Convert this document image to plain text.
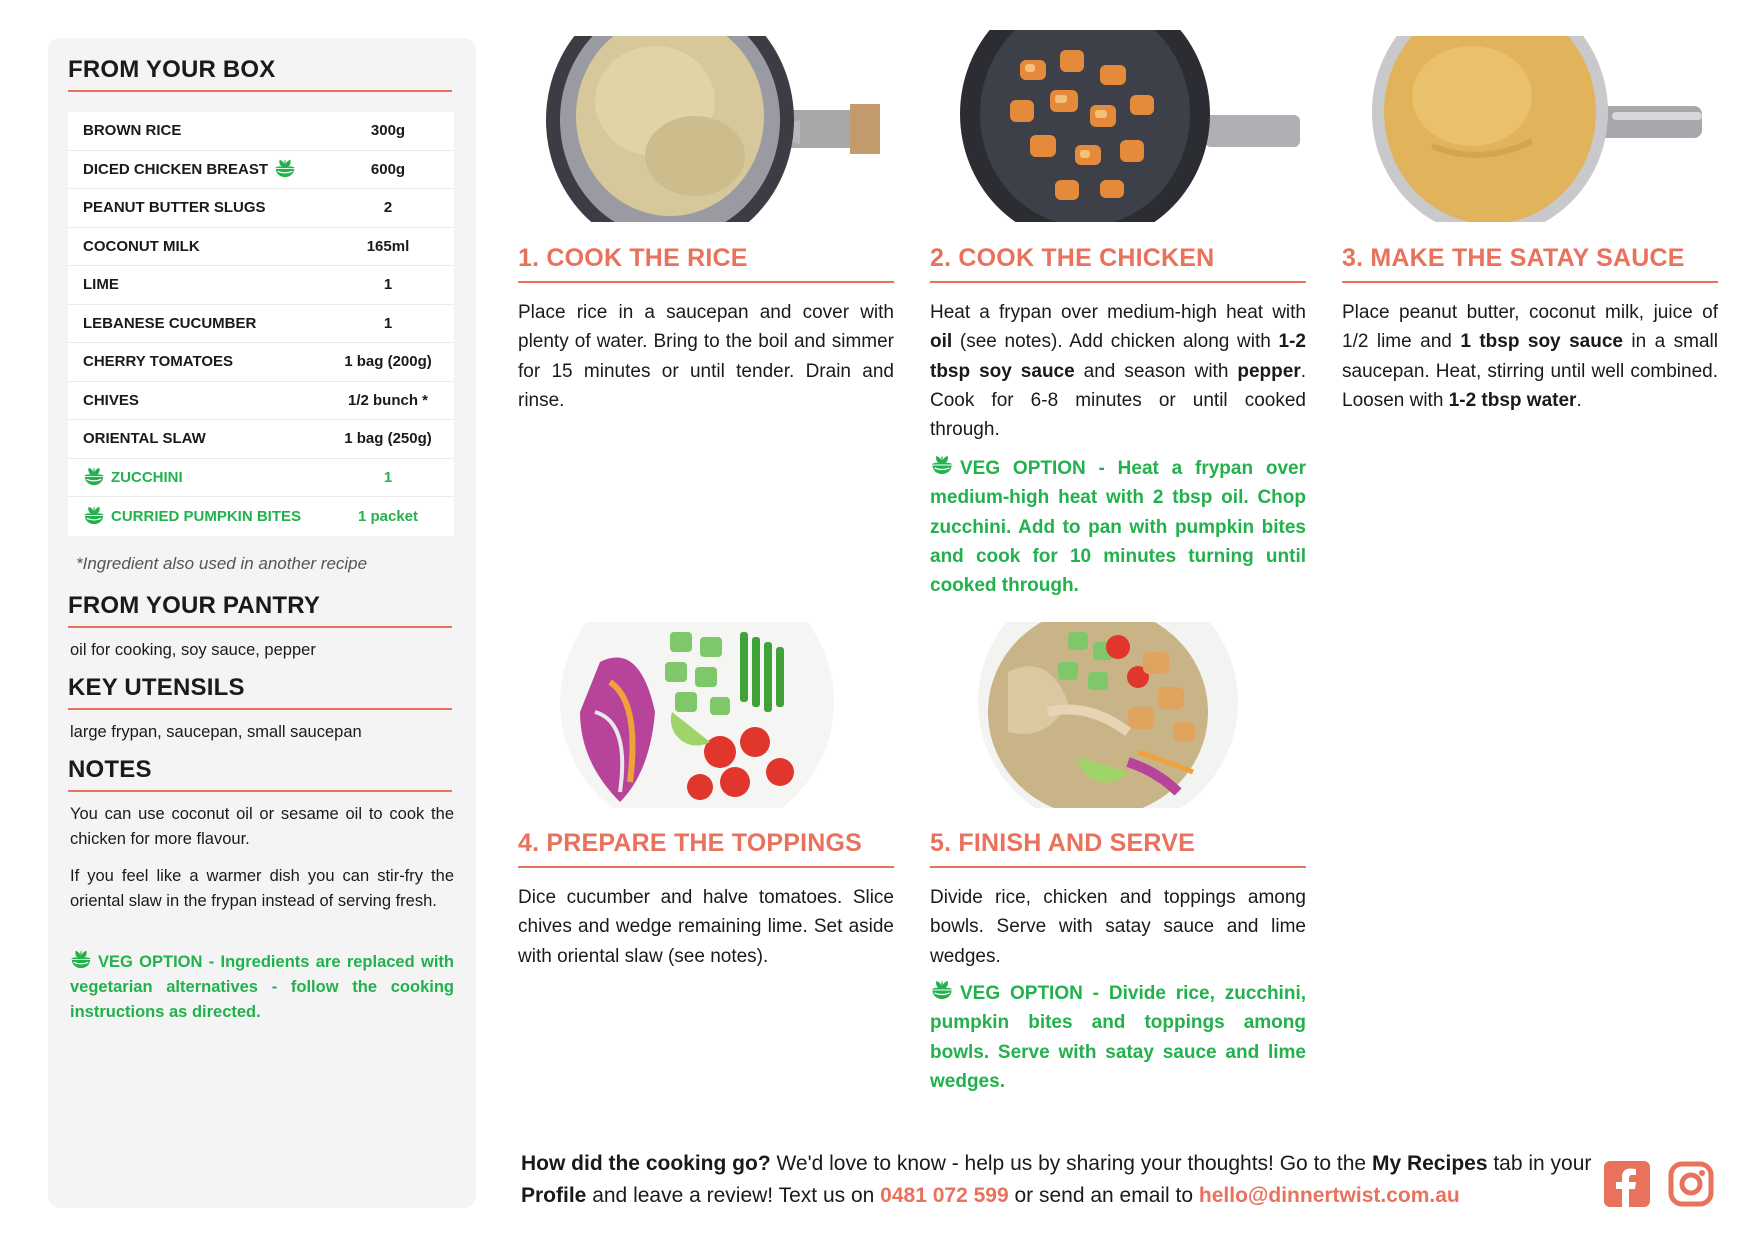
FROM YOUR BOX
BROWN RICE	300g
DICED CHICKEN BREAST	600g
PEANUT BUTTER SLUGS	2
COCONUT MILK	165ml
LIME	1
LEBANESE CUCUMBER	1
CHERRY TOMATOES	1 bag (200g)
CHIVES	1/2 bunch *
ORIENTAL SLAW	1 bag (250g)
ZUCCHINI	1
CURRIED PUMPKIN BITES	1 packet
*Ingredient also used in another recipe
FROM YOUR PANTRY
oil for cooking, soy sauce, pepper
KEY UTENSILS
large frypan, saucepan, small saucepan
NOTES
You can use coconut oil or sesame oil to cook the chicken for more flavour.
If you feel like a warmer dish you can stir-fry the oriental slaw in the frypan instead of serving fresh.
VEG OPTION - Ingredients are replaced with vegetarian alternatives - follow the cooking instructions as directed.
1. COOK THE RICE
Place rice in a saucepan and cover with plenty of water. Bring to the boil and simmer for 15 minutes or until tender. Drain and rinse.
2. COOK THE CHICKEN
Heat a frypan over medium-high heat with oil (see notes). Add chicken along with 1-2 tbsp soy sauce and season with pepper. Cook for 6-8 minutes or until cooked through.
VEG OPTION - Heat a frypan over medium-high heat with 2 tbsp oil. Chop zucchini. Add to pan with pumpkin bites and cook for 10 minutes turning until cooked through.
3. MAKE THE SATAY SAUCE
Place peanut butter, coconut milk, juice of 1/2 lime and 1 tbsp soy sauce in a small saucepan. Heat, stirring until well combined. Loosen with 1-2 tbsp water.
4. PREPARE THE TOPPINGS
Dice cucumber and halve tomatoes. Slice chives and wedge remaining lime. Set aside with oriental slaw (see notes).
5. FINISH AND SERVE
Divide rice, chicken and toppings among bowls. Serve with satay sauce and lime wedges.
VEG OPTION - Divide rice, zucchini, pumpkin bites and toppings among bowls. Serve with satay sauce and lime wedges.
How did the cooking go? We'd love to know - help us by sharing your thoughts! Go to the My Recipes tab in your Profile and leave a review! Text us on 0481 072 599 or send an email to hello@dinnertwist.com.au
